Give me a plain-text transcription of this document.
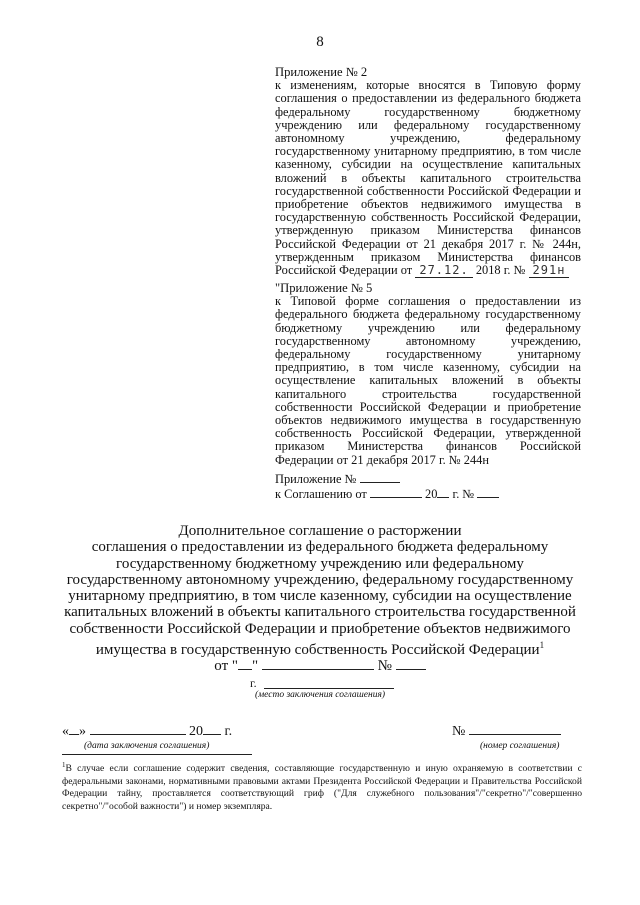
8
Приложение № 2
к изменениям, которые вносятся в Типовую форму соглашения о предоставлении из федерального бюджета федеральному государственному бюджетному учреждению или федеральному государственному автономному учреждению, федеральному государственному унитарному предприятию, в том числе казенному, субсидии на осуществление капитальных вложений в объекты капитального строительства государственной собственности Российской Федерации и приобретение объектов недвижимого имущества в государственную собственность Российской Федерации, утвержденную приказом Министерства финансов Российской Федерации от 21 декабря 2017 г. № 244н, утвержденным приказом Министерства финансов Российской Федерации от 27.12. 2018 г. № 291н
"Приложение № 5
к Типовой форме соглашения о предоставлении из федерального бюджета федеральному государственному бюджетному учреждению или федеральному государственному автономному учреждению, федеральному государственному унитарному предприятию, в том числе казенному, субсидии на осуществление капитальных вложений в объекты капитального строительства государственной собственности Российской Федерации и приобретение объектов недвижимого имущества в государственную собственность Российской Федерации, утвержденной приказом Министерства финансов Российской Федерации от 21 декабря 2017 г. № 244н
Приложение №
к Соглашению от	20 г. №
Дополнительное соглашение о расторжении
соглашения о предоставлении из федерального бюджета федеральному
государственному бюджетному учреждению или федеральному
государственному автономному учреждению, федеральному государственному
унитарному предприятию, в том числе казенному, субсидии на осуществление
капитальных вложений в объекты капитального строительства государственной
собственности Российской Федерации и приобретение объектов недвижимого
имущества в государственную собственность Российской Федерации$^1$
от " "	№
г.
(место заключения соглашения)
« »	20 г.
(дата заключения соглашения)
№
(номер соглашения)
$^1$В случае если соглашение содержит сведения, составляющие государственную и иную охраняемую в соответствии с федеральными законами, нормативными правовыми актами Президента Российской Федерации и Правительства Российской Федерации тайну, проставляется соответствующий гриф ("Для служебного пользования"/"секретно"/"совершенно секретно"/"особой важности") и номер экземпляра.
